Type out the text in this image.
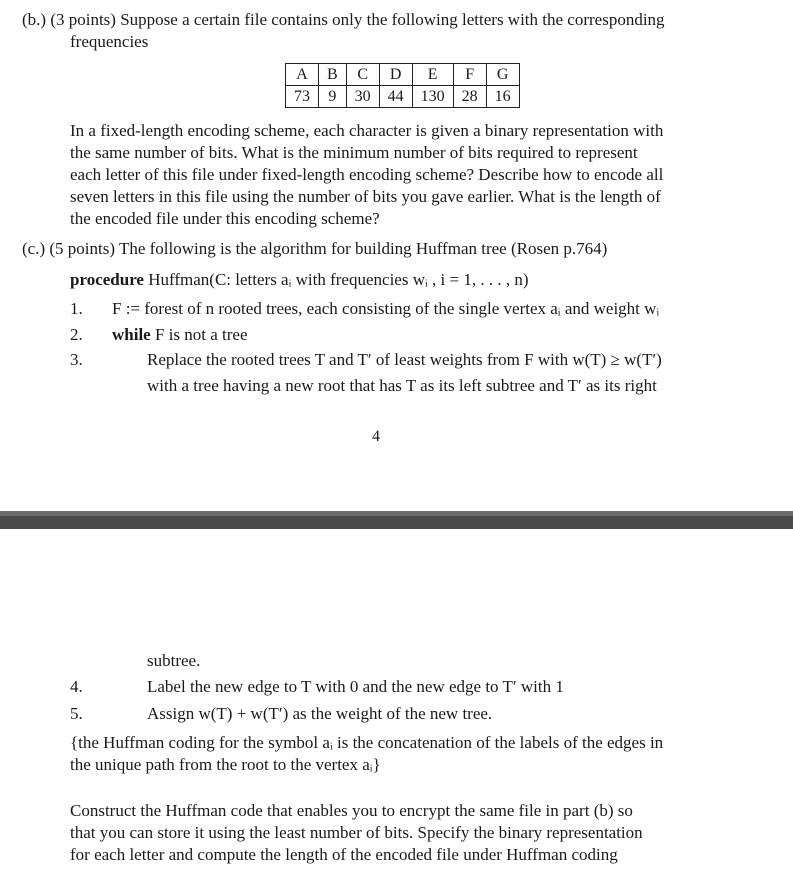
(b.) (3 points) Suppose a certain file contains only the following letters with the corresponding
frequencies
A	B	C	D	E	F	G
73	9	30	44	130	28	16
In a fixed-length encoding scheme, each character is given a binary representation with
the same number of bits. What is the minimum number of bits required to represent
each letter of this file under fixed-length encoding scheme? Describe how to encode all
seven letters in this file using the number of bits you gave earlier. What is the length of
the encoded file under this encoding scheme?
(c.) (5 points) The following is the algorithm for building Huffman tree (Rosen p.764)
procedure Huffman(C: letters aᵢ with frequencies wᵢ , i = 1, . . . , n)
1. F := forest of n rooted trees, each consisting of the single vertex aᵢ and weight wᵢ
2. while F is not a tree
3.	Replace the rooted trees T and T′ of least weights from F with w(T) ≥ w(T′)
with a tree having a new root that has T as its left subtree and T′ as its right
4
subtree.
4.	Label the new edge to T with 0 and the new edge to T′ with 1
5.	Assign w(T) + w(T′) as the weight of the new tree.
{the Huffman coding for the symbol aᵢ is the concatenation of the labels of the edges in
the unique path from the root to the vertex aᵢ}
Construct the Huffman code that enables you to encrypt the same file in part (b) so
that you can store it using the least number of bits. Specify the binary representation
for each letter and compute the length of the encoded file under Huffman coding
